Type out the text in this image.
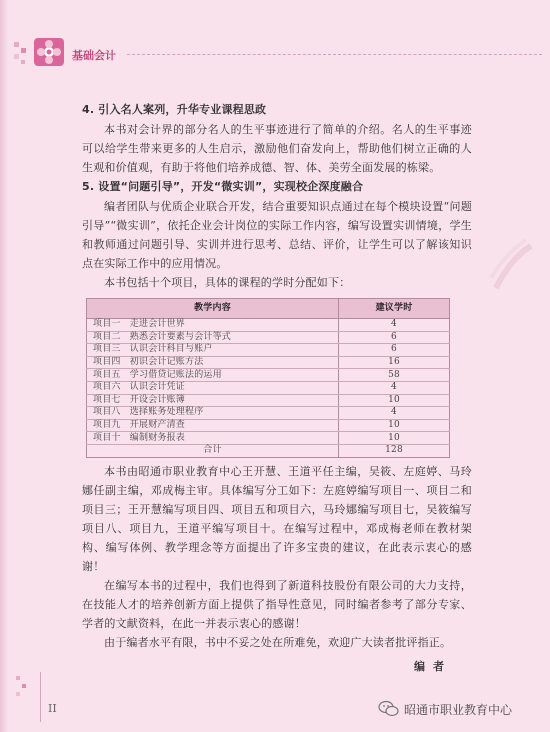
基础会计
4. 引入名人案列，升华专业课程思政

本书对会计界的部分名人的生平事迹进行了简单的介绍。名人的生平事迹可以给学生带来更多的人生启示，激励他们奋发向上，帮助他们树立正确的人生观和价值观，有助于将他们培养成德、智、体、美劳全面发展的栋梁。

5. 设置“问题引导”，开发“微实训”，实现校企深度融合

编者团队与优质企业联合开发，结合重要知识点通过在每个模块设置“问题引导”“微实训”，依托企业会计岗位的实际工作内容，编写设置实训情境，学生和教师通过问题引导、实训并进行思考、总结、评价，让学生可以了解该知识点在实际工作中的应用情况。

本书包括十个项目，具体的课程的学时分配如下：

教学内容	建议学时
项目一　走进会计世界	4
项目二　熟悉会计要素与会计等式	6
项目三　认识会计科目与账户	6
项目四　初识会计记账方法	16
项目五　学习借贷记账法的运用	58
项目六　认识会计凭证	4
项目七　开设会计账簿	10
项目八　选择账务处理程序	4
项目九　开展财产清查	10
项目十　编制财务报表	10
合计	128

本书由昭通市职业教育中心王开慧、王道平任主编，吴筱、左庭婷、马玲娜任副主编，邓成梅主审。具体编写分工如下：左庭婷编写项目一、项目二和项目三；王开慧编写项目四、项目五和项目六，马玲娜编写项目七，吴筱编写项目八、项目九，王道平编写项目十。在编写过程中，邓成梅老师在教材架构、编写体例、教学理念等方面提出了许多宝贵的建议，在此表示衷心的感谢！

在编写本书的过程中，我们也得到了新道科技股份有限公司的大力支持，在技能人才的培养创新方面上提供了指导性意见，同时编者参考了部分专家、学者的文献资料，在此一并表示衷心的感谢！

由于编者水平有限，书中不妥之处在所难免，欢迎广大读者批评指正。

编者
II	昭通市职业教育中心
